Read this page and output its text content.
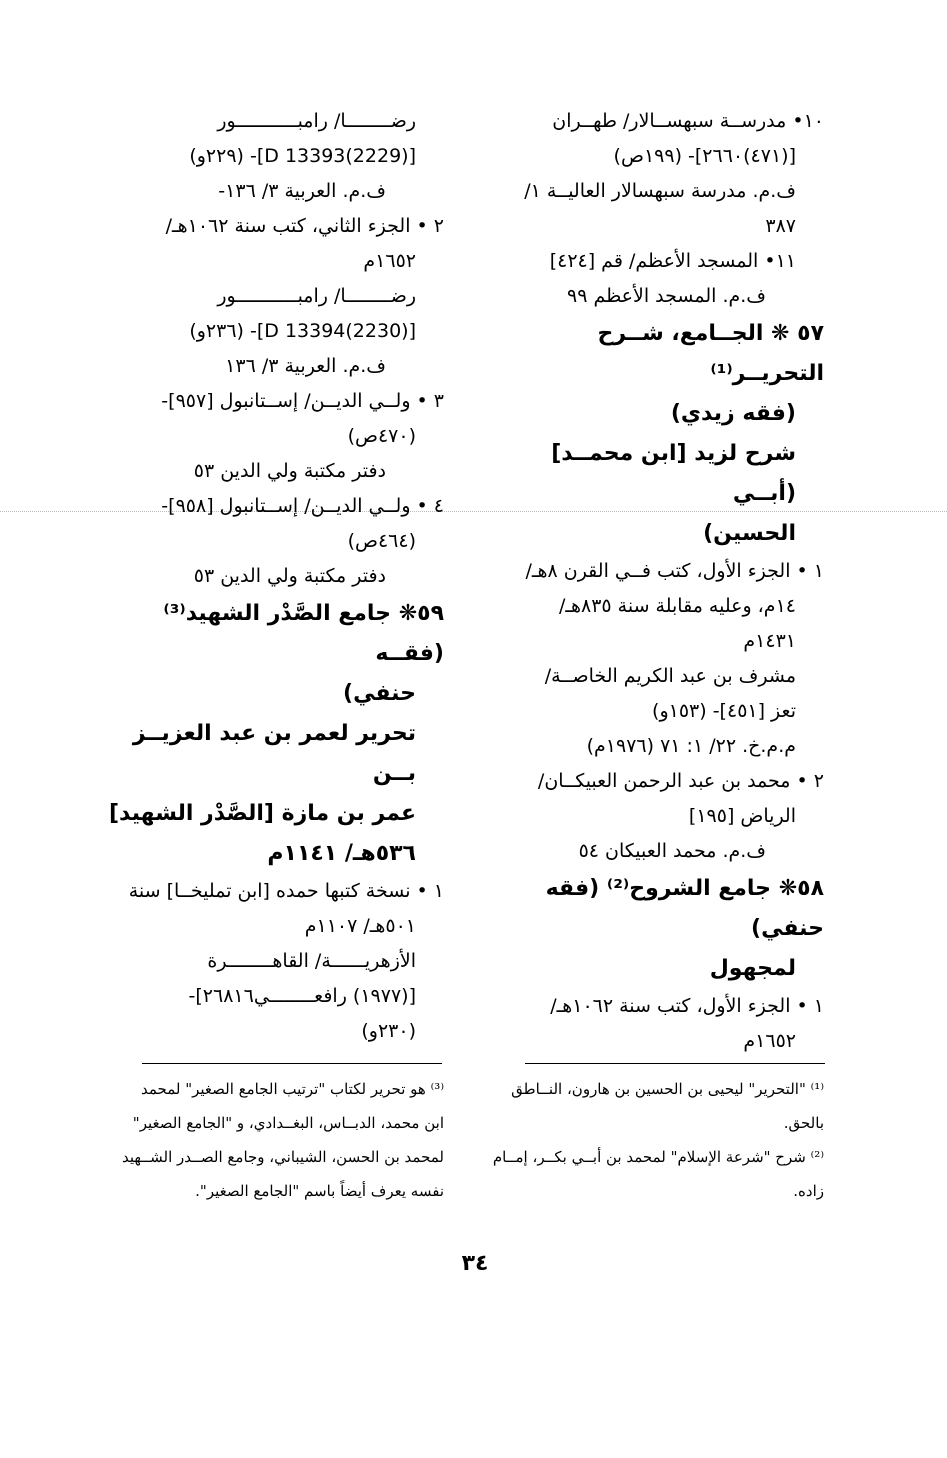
١٠• مدرســة سبهســالار/ طهــران
[(٤٧١)٢٦٦٠]- (١٩٩ص)
ف.م. مدرسة سبهسالار العاليــة ١/
٣٨٧
١١• المسجد الأعظم/ قم [٤٢٤]
ف.م. المسجد الأعظم ٩٩
٥٧ ❋ الجــامع، شــرح التحريــر⁽¹⁾
(فقه زيدي)
شرح لزيد [ابن محمــد] (أبــي
الحسين)
١ • الجزء الأول، كتب فــي القرن ٨هـ/
١٤م، وعليه مقابلة سنة ٨٣٥هـ/
١٤٣١م
مشرف بن عبد الكريم الخاصــة/
تعز [٤٥١]- (١٥٣و)
م.م.خ. ٢٢/ ١: ٧١ (١٩٧٦م)
٢ • محمد بن عبد الرحمن العبيكــان/
الرياض [١٩٥]
ف.م. محمد العبيكان ٥٤
٥٨❋ جامع الشروح⁽²⁾ (فقه حنفي)
لمجهول
١ • الجزء الأول، كتب سنة ١٠٦٢هـ/
١٦٥٢م
رضــــــــا/ رامبـــــــــــور
[D 13393(2229)]- (٢٢٩و)
ف.م. العربية ٣/ ١٣٦-
٢ • الجزء الثاني، كتب سنة ١٠٦٢هـ/
١٦٥٢م
رضــــــــا/ رامبـــــــــــور
[D 13394(2230)]- (٢٣٦و)
ف.م. العربية ٣/ ١٣٦
٣ • ولــي الديــن/ إســتانبول [٩٥٧]-
(٤٧٠ص)
دفتر مكتبة ولي الدين ٥٣
٤ • ولــي الديــن/ إســتانبول [٩٥٨]-
(٤٦٤ص)
دفتر مكتبة ولي الدين ٥٣
٥٩❋ جامع الصَّدْر الشهيد⁽³⁾ (فقــه
حنفي)
تحرير لعمر بن عبد العزيــز بــن
عمر بن مازة [الصَّدْر الشهيد]
٥٣٦هـ/ ١١٤١م
١ • نسخة كتبها حمده [ابن تمليخــا] سنة
٥٠١هـ/ ١١٠٧م
الأزهريــــــة/ القاهــــــــرة
[(١٩٧٧) رافعــــــــي٢٦٨١٦]-
(٢٣٠و)
⁽¹⁾ "التحرير" ليحيى بن الحسين بن هارون، النــاطق
بالحق.
⁽²⁾ شرح "شرعة الإسلام" لمحمد بن أبــي بكــر، إمــام
زاده.
⁽³⁾ هو تحرير لكتاب "ترتيب الجامع الصغير" لمحمد
ابن محمد، الدبــاس، البغــدادي، و "الجامع الصغير"
لمحمد بن الحسن، الشيباني، وجامع الصــدر الشــهيد
نفسه يعرف أيضاً باسم "الجامع الصغير".
٣٤
